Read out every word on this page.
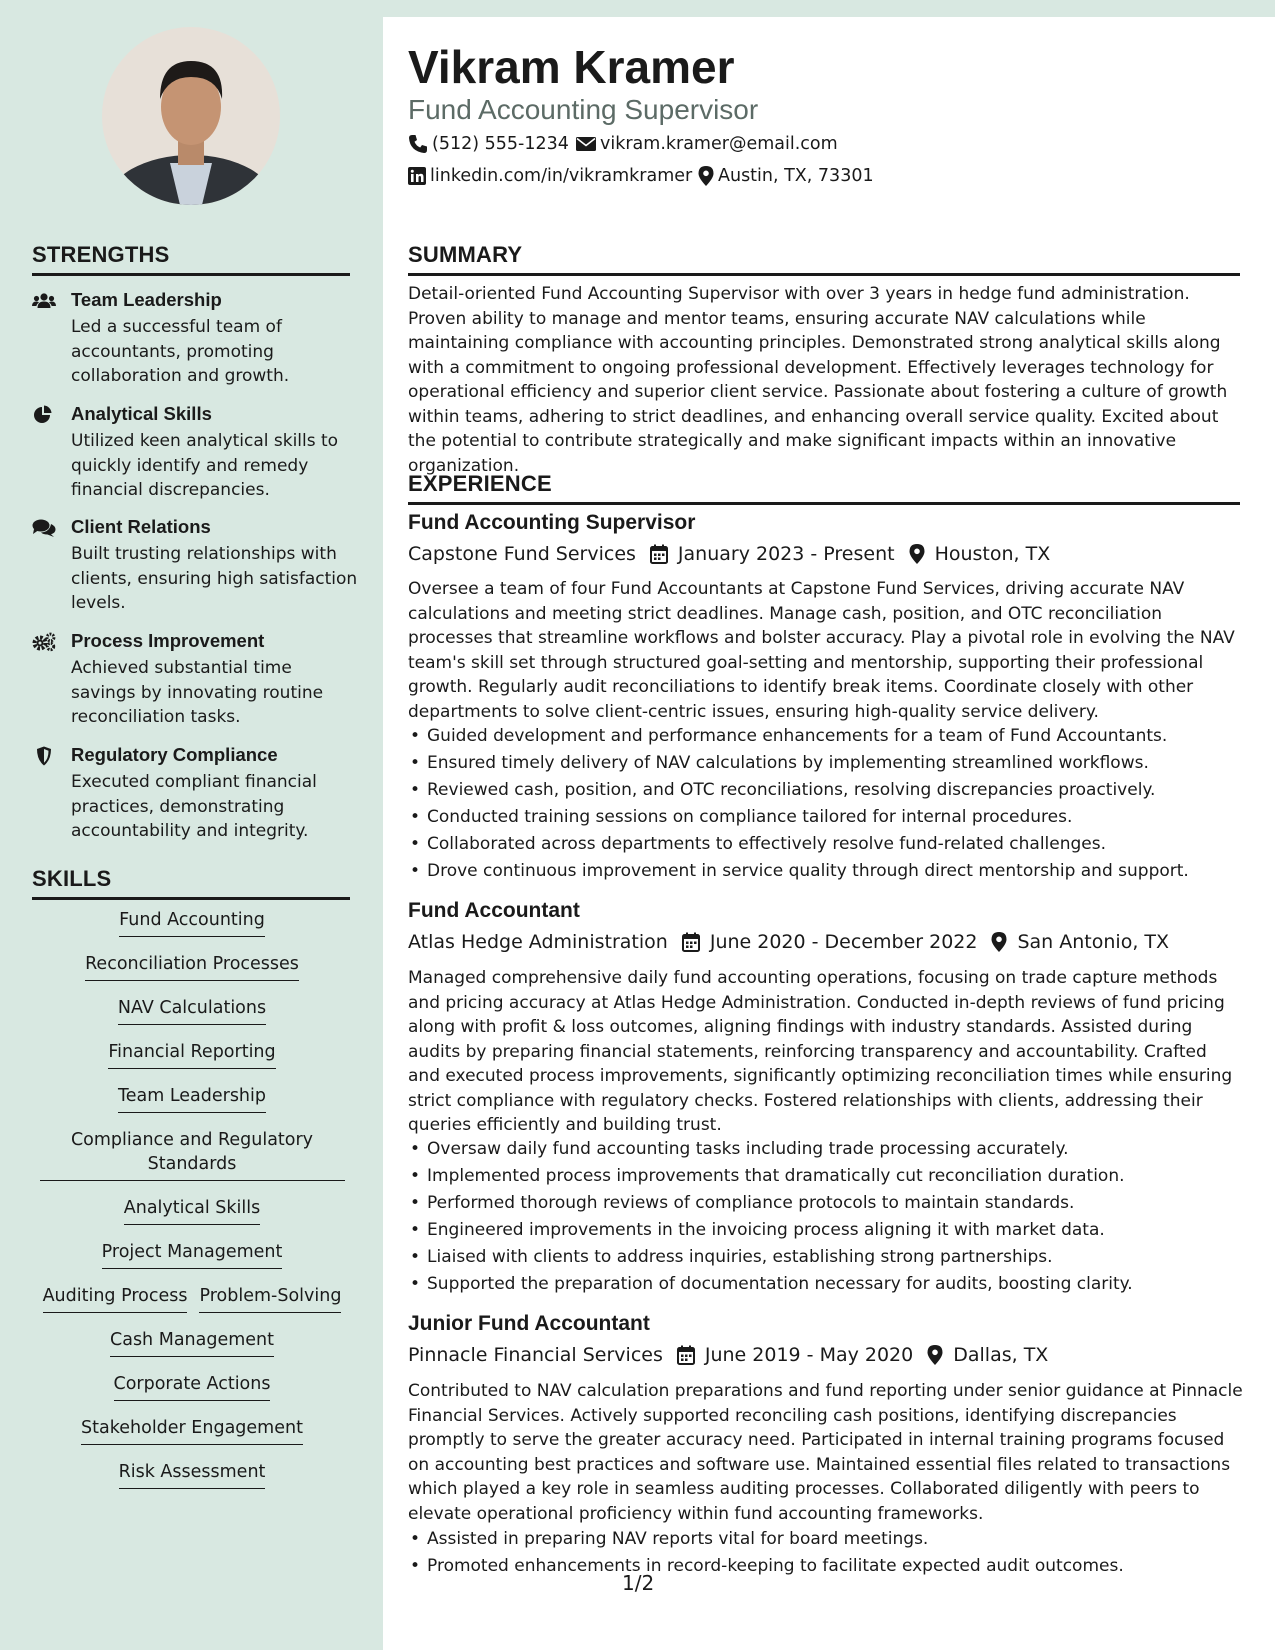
STRENGTHS
Team Leadership
Led a successful team of accountants, promoting collaboration and growth.
Analytical Skills
Utilized keen analytical skills to quickly identify and remedy financial discrepancies.
Client Relations
Built trusting relationships with clients, ensuring high satisfaction levels.
Process Improvement
Achieved substantial time savings by innovating routine reconciliation tasks.
Regulatory Compliance
Executed compliant financial practices, demonstrating accountability and integrity.
SKILLS
Fund Accounting
Reconciliation Processes
NAV Calculations
Financial Reporting
Team Leadership
Compliance and Regulatory Standards
Analytical Skills
Project Management
Auditing Process Problem-Solving
Cash Management
Corporate Actions
Stakeholder Engagement
Risk Assessment
Vikram Kramer
Fund Accounting Supervisor
(512) 555-1234 vikram.kramer@email.com
linkedin.com/in/vikramkramer Austin, TX, 73301
SUMMARY
Detail-oriented Fund Accounting Supervisor with over 3 years in hedge fund administration. Proven ability to manage and mentor teams, ensuring accurate NAV calculations while maintaining compliance with accounting principles. Demonstrated strong analytical skills along with a commitment to ongoing professional development. Effectively leverages technology for operational efficiency and superior client service. Passionate about fostering a culture of growth within teams, adhering to strict deadlines, and enhancing overall service quality. Excited about the potential to contribute strategically and make significant impacts within an innovative organization.
EXPERIENCE
Fund Accounting Supervisor
Capstone Fund Services January 2023 - Present Houston, TX
Oversee a team of four Fund Accountants at Capstone Fund Services, driving accurate NAV calculations and meeting strict deadlines. Manage cash, position, and OTC reconciliation processes that streamline workflows and bolster accuracy. Play a pivotal role in evolving the NAV team's skill set through structured goal-setting and mentorship, supporting their professional growth. Regularly audit reconciliations to identify break items. Coordinate closely with other departments to solve client-centric issues, ensuring high-quality service delivery.
• Guided development and performance enhancements for a team of Fund Accountants.
• Ensured timely delivery of NAV calculations by implementing streamlined workflows.
• Reviewed cash, position, and OTC reconciliations, resolving discrepancies proactively.
• Conducted training sessions on compliance tailored for internal procedures.
• Collaborated across departments to effectively resolve fund-related challenges.
• Drove continuous improvement in service quality through direct mentorship and support.
Fund Accountant
Atlas Hedge Administration June 2020 - December 2022 San Antonio, TX
Managed comprehensive daily fund accounting operations, focusing on trade capture methods and pricing accuracy at Atlas Hedge Administration. Conducted in-depth reviews of fund pricing along with profit & loss outcomes, aligning findings with industry standards. Assisted during audits by preparing financial statements, reinforcing transparency and accountability. Crafted and executed process improvements, significantly optimizing reconciliation times while ensuring strict compliance with regulatory checks. Fostered relationships with clients, addressing their queries efficiently and building trust.
• Oversaw daily fund accounting tasks including trade processing accurately.
• Implemented process improvements that dramatically cut reconciliation duration.
• Performed thorough reviews of compliance protocols to maintain standards.
• Engineered improvements in the invoicing process aligning it with market data.
• Liaised with clients to address inquiries, establishing strong partnerships.
• Supported the preparation of documentation necessary for audits, boosting clarity.
Junior Fund Accountant
Pinnacle Financial Services June 2019 - May 2020 Dallas, TX
Contributed to NAV calculation preparations and fund reporting under senior guidance at Pinnacle Financial Services. Actively supported reconciling cash positions, identifying discrepancies promptly to serve the greater accuracy need. Participated in internal training programs focused on accounting best practices and software use. Maintained essential files related to transactions which played a key role in seamless auditing processes. Collaborated diligently with peers to elevate operational proficiency within fund accounting frameworks.
• Assisted in preparing NAV reports vital for board meetings.
• Promoted enhancements in record-keeping to facilitate expected audit outcomes.
1/2
